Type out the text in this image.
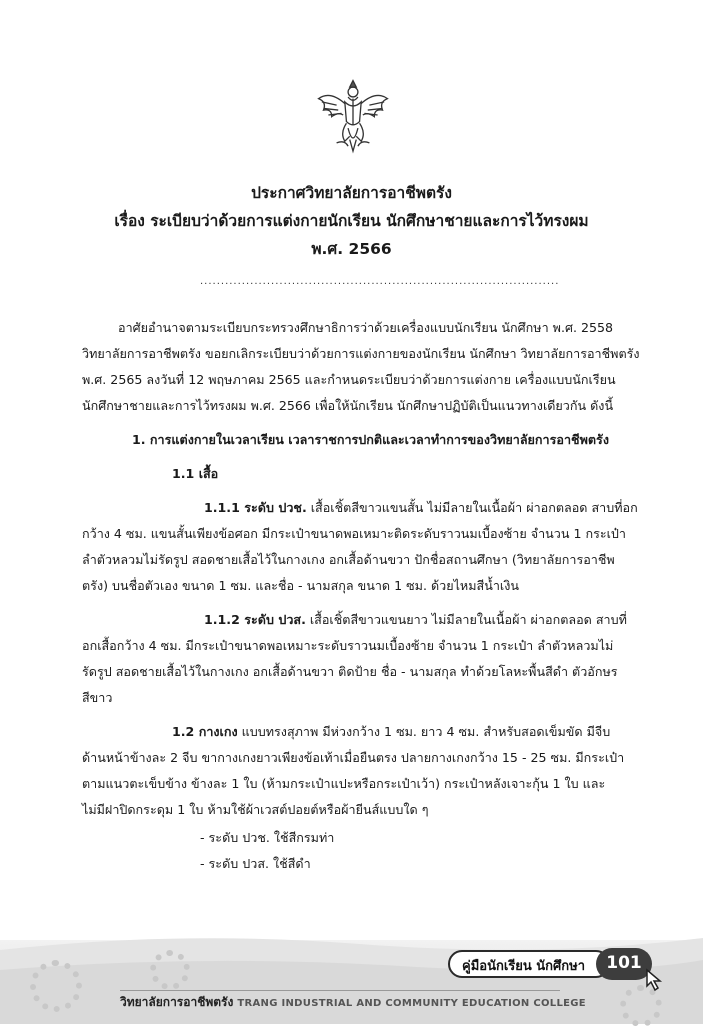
ประกาศวิทยาลัยการอาชีพตรัง
เรื่อง ระเบียบว่าด้วยการแต่งกายนักเรียน นักศึกษาชายและการไว้ทรงผม
พ.ศ. 2566
......................................................................................
อาศัยอำนาจตามระเบียบกระทรวงศึกษาธิการว่าด้วยเครื่องแบบนักเรียน นักศึกษา พ.ศ. 2558
วิทยาลัยการอาชีพตรัง ขอยกเลิกระเบียบว่าด้วยการแต่งกายของนักเรียน นักศึกษา วิทยาลัยการอาชีพตรัง
พ.ศ. 2565 ลงวันที่ 12 พฤษภาคม 2565 และกำหนดระเบียบว่าด้วยการแต่งกาย เครื่องแบบนักเรียน
นักศึกษาชายและการไว้ทรงผม พ.ศ. 2566 เพื่อให้นักเรียน นักศึกษาปฏิบัติเป็นแนวทางเดียวกัน ดังนี้
1. การแต่งกายในเวลาเรียน เวลาราชการปกติและเวลาทำการของวิทยาลัยการอาชีพตรัง
1.1 เสื้อ
1.1.1 ระดับ ปวช. เสื้อเชิ้ตสีขาวแขนสั้น ไม่มีลายในเนื้อผ้า ผ่าอกตลอด สาบที่อก
กว้าง 4 ซม. แขนสั้นเพียงข้อศอก มีกระเป๋าขนาดพอเหมาะติดระดับราวนมเบื้องซ้าย จำนวน 1 กระเป๋า
ลำตัวหลวมไม่รัดรูป สอดชายเสื้อไว้ในกางเกง อกเสื้อด้านขวา ปักชื่อสถานศึกษา (วิทยาลัยการอาชีพ
ตรัง) บนชื่อตัวเอง ขนาด 1 ซม. และชื่อ - นามสกุล ขนาด 1 ซม. ด้วยไหมสีน้ำเงิน
1.1.2 ระดับ ปวส. เสื้อเชิ้ตสีขาวแขนยาว ไม่มีลายในเนื้อผ้า ผ่าอกตลอด สาบที่
อกเสื้อกว้าง 4 ซม. มีกระเป๋าขนาดพอเหมาะระดับราวนมเบื้องซ้าย จำนวน 1 กระเป๋า ลำตัวหลวมไม่
รัดรูป สอดชายเสื้อไว้ในกางเกง อกเสื้อด้านขวา ติดป้าย ชื่อ - นามสกุล ทำด้วยโลหะพื้นสีดำ ตัวอักษร
สีขาว
1.2 กางเกง แบบทรงสุภาพ มีห่วงกว้าง 1 ซม. ยาว 4 ซม. สำหรับสอดเข็มขัด มีจีบ
ด้านหน้าข้างละ 2 จีบ ขากางเกงยาวเพียงข้อเท้าเมื่อยืนตรง ปลายกางเกงกว้าง 15 - 25 ซม. มีกระเป๋า
ตามแนวตะเข็บข้าง ข้างละ 1 ใบ (ห้ามกระเป๋าแปะหรือกระเป๋าเว้า) กระเป๋าหลังเจาะกุ้น 1 ใบ และ
ไม่มีฝาปิดกระดุม 1 ใบ ห้ามใช้ผ้าเวสต์ปอยต์หรือผ้ายีนส์แบบใด ๆ
- ระดับ ปวช. ใช้สีกรมท่า
- ระดับ ปวส. ใช้สีดำ
คู่มือนักเรียน นักศึกษา 101
วิทยาลัยการอาชีพตรัง TRANG INDUSTRIAL AND COMMUNITY EDUCATION COLLEGE
